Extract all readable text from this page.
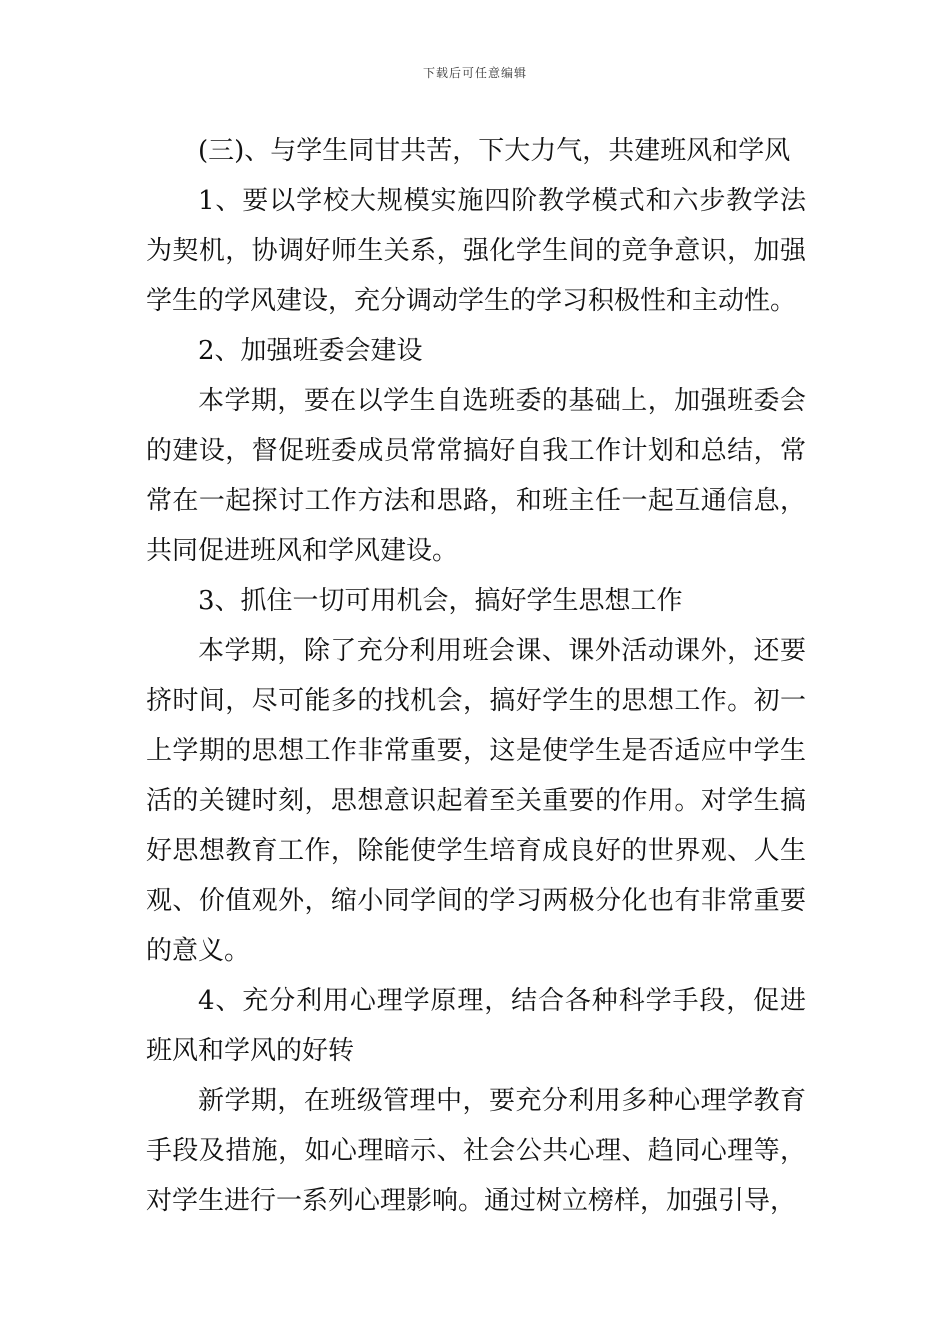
下载后可任意编辑

(三)、与学生同甘共苦，下大力气，共建班风和学风

1、要以学校大规模实施四阶教学模式和六步教学法为契机，协调好师生关系，强化学生间的竞争意识，加强学生的学风建设，充分调动学生的学习积极性和主动性。

2、加强班委会建设

本学期，要在以学生自选班委的基础上，加强班委会的建设，督促班委成员常常搞好自我工作计划和总结，常常在一起探讨工作方法和思路，和班主任一起互通信息，共同促进班风和学风建设。

3、抓住一切可用机会，搞好学生思想工作

本学期，除了充分利用班会课、课外活动课外，还要挤时间，尽可能多的找机会，搞好学生的思想工作。初一上学期的思想工作非常重要，这是使学生是否适应中学生活的关键时刻，思想意识起着至关重要的作用。对学生搞好思想教育工作，除能使学生培育成良好的世界观、人生观、价值观外，缩小同学间的学习两极分化也有非常重要的意义。

4、充分利用心理学原理，结合各种科学手段，促进班风和学风的好转

新学期，在班级管理中，要充分利用多种心理学教育手段及措施，如心理暗示、社会公共心理、趋同心理等，对学生进行一系列心理影响。通过树立榜样，加强引导，
